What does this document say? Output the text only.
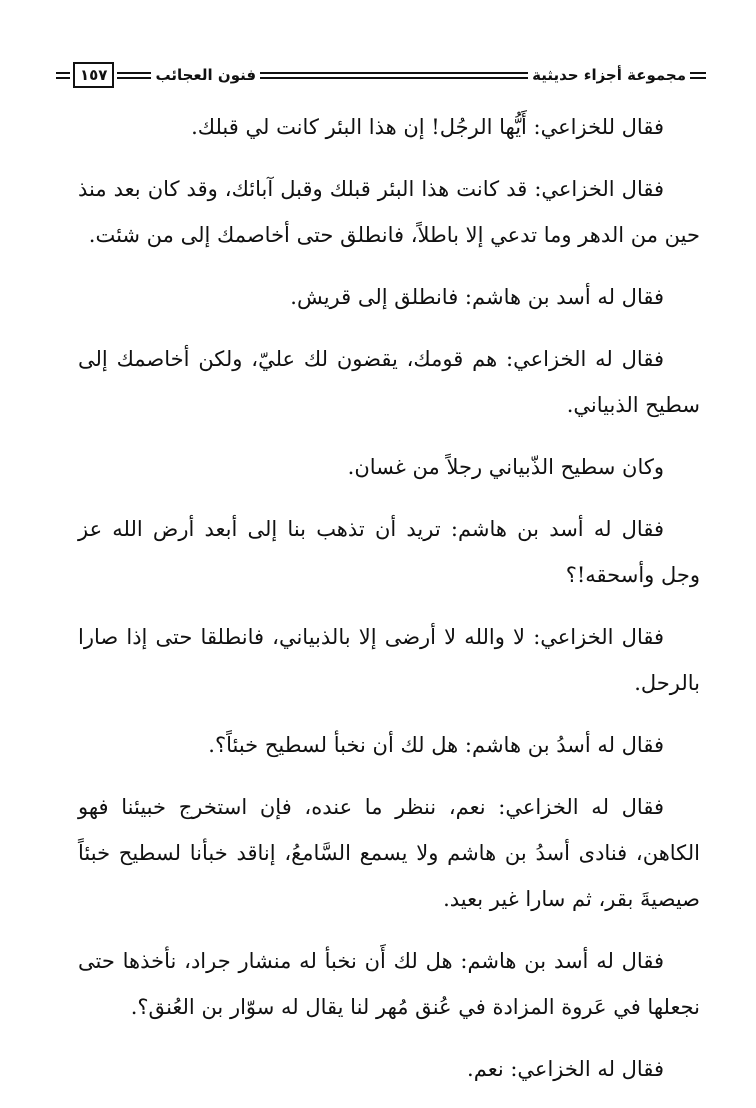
مجموعة أجزاء حديثية
فنون العجائب
١٥٧

فقال للخزاعي: أَيُّها الرجُل! إن هذا البئر كانت لي قبلك.

فقال الخزاعي: قد كانت هذا البئر قبلك وقبل آبائك، وقد كان بعد منذ حين من الدهر وما تدعي إلا باطلاً، فانطلق حتى أخاصمك إلى من شئت.

فقال له أسد بن هاشم: فانطلق إلى قريش.

فقال له الخزاعي: هم قومك، يقضون لك عليّ، ولكن أخاصمك إلى سطيح الذبياني.

وكان سطيح الذّبياني رجلاً من غسان.

فقال له أسد بن هاشم: تريد أن تذهب بنا إلى أبعد أرض الله عز وجل وأسحقه!؟

فقال الخزاعي: لا والله لا أرضى إلا بالذبياني، فانطلقا حتى إذا صارا بالرحل.

فقال له أسدُ بن هاشم: هل لك أن نخبأ لسطيح خبئاً؟.

فقال له الخزاعي: نعم، ننظر ما عنده، فإن استخرج خبيئنا فهو الكاهن، فنادى أسدُ بن هاشم ولا يسمع السَّامعُ، إناقد خبأنا لسطيح خبئاً صيصيةَ بقر، ثم سارا غير بعيد.

فقال له أسد بن هاشم: هل لك أَن نخبأ له منشار جراد، نأخذها حتى نجعلها في عَروة المزادة في عُنق مُهر لنا يقال له سوّار بن العُنق؟.

فقال له الخزاعي: نعم.
